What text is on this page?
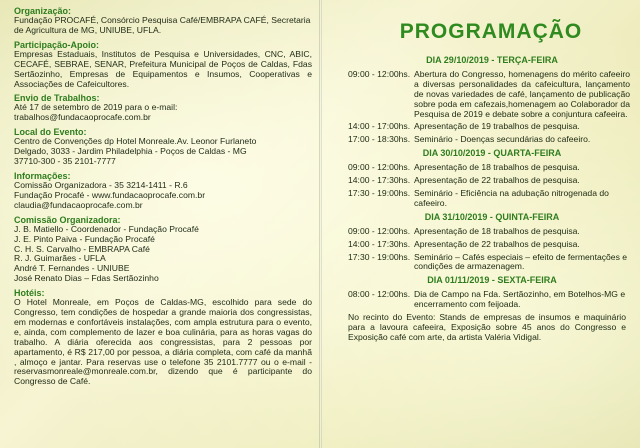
Organização:

Fundação PROCAFÉ, Consórcio Pesquisa Café/EMBRAPA CAFÉ, Secretaria de Agricultura de MG, UNIUBE, UFLA.

Participação-Apoio:

Empresas Estaduais, Institutos de Pesquisa e Universidades, CNC, ABIC, CECAFÉ, SEBRAE, SENAR, Prefeitura Municipal de Poços de Caldas, Fdas Sertãozinho, Empresas de Equipamentos e Insumos, Cooperativas e Associações de Cafeicultores.

Envio de Trabalhos:

Até 17 de setembro de 2019 para o e-mail:

trabalhos@fundacaoprocafe.com.br

Local do Evento:

Centro de Convenções dp Hotel Monreale.Av. Leonor Furlaneto

Delgado, 3033 - Jardim Philadelphia - Poços de Caldas - MG

37710-300 - 35 2101-7777

Informações:

Comissão Organizadora - 35 3214-1411 - R.6

Fundação Procafé - www.fundacaoprocafe.com.br

claudia@fundacaoprocafe.com.br

Comissão Organizadora:

J. B. Matiello - Coordenador - Fundação Procafé

J. E. Pinto Paiva - Fundação Procafé

C. H. S. Carvalho - EMBRAPA Café

R. J. Guimarães - UFLA

André T. Fernandes - UNIUBE

José Renato Dias – Fdas Sertãozinho

Hotéis:

O Hotel Monreale, em Poços de Caldas-MG, escolhido para sede do Congresso, tem condições de hospedar a grande maioria dos congressistas, em modernas e confortáveis instalações, com ampla estrutura para o evento, e, ainda, com complemento de lazer e boa culinária, para as horas vagas do trabalho. A diária oferecida aos congressistas, para 2 pessoas por apartamento, é R$ 217,00 por pessoa, a diária completa, com café da manhã , almoço e jantar. Para reservas use o telefone 35 2101.7777 ou o e-mail - reservasmonreale@monreale.com.br, dizendo que é participante do Congresso de Café.

PROGRAMAÇÃO
DIA 29/10/2019 - TERÇA-FEIRA
09:00 - 12:00hs. Abertura do Congresso, homenagens do mérito cafeeiro a diversas personalidades da cafeicultura, lançamento de novas variedades de café, lançamento de publicação sobre poda em cafezais,homenagem ao Colaborador da Pesquisa de 2019 e debate sobre a conjuntura cafeeira.
14:00 - 17:00hs. Apresentação de 19 trabalhos de pesquisa.
17:00 - 18:30hs. Seminário - Doenças secundárias do cafeeiro.
DIA 30/10/2019 - QUARTA-FEIRA
09:00 - 12:00hs. Apresentação de 18 trabalhos de pesquisa.
14:00 - 17:30hs. Apresentação de 22 trabalhos de pesquisa.
17:30 - 19:00hs. Seminário - Eficiência na adubação nitrogenada do cafeeiro.
DIA 31/10/2019 - QUINTA-FEIRA
09:00 - 12:00hs. Apresentação de 18 trabalhos de pesquisa.
14:00 - 17:30hs. Apresentação de 22 trabalhos de pesquisa.
17:30 - 19:00hs. Seminário – Cafés especiais – efeito de fermentações e condições de armazenagem.
DIA 01/11/2019 - SEXTA-FEIRA
08:00 - 12:00hs. Dia de Campo na Fda. Sertãozinho, em Botelhos-MG e encerramento com feijoada.

No recinto do Evento: Stands de empresas de insumos e maquinário para a lavoura cafeeira, Exposição sobre 45 anos do Congresso e Exposição café com arte, da artista Valéria Vidigal.
